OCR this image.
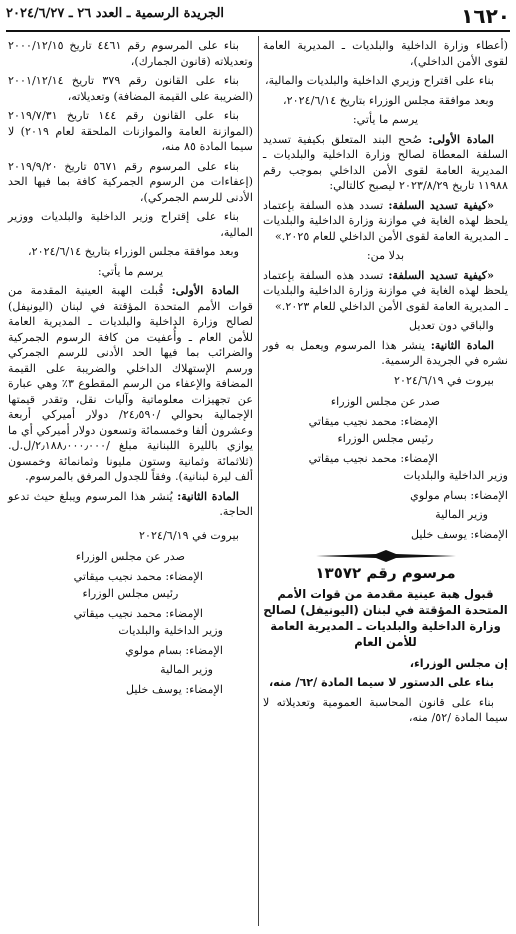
١٦٢٠
الجريدة الرسمية ـ العدد ٢٦ ـ ٢٠٢٤/٦/٢٧

(أعطاء وزارة الداخلية والبلديات ـ المديرية العامة لقوى الأمن الداخلي)،

بناء على اقتراح وزيري الداخلية والبلديات والمالية،

وبعد موافقة مجلس الوزراء بتاريخ ٢٠٢٤/٦/١٤،

يرسم ما يأتي:

المادة الأولى: صُحح البند المتعلق بكيفية تسديد السلفة المعطاة لصالح وزارة الداخلية والبلديات ـ المديرية العامة لقوى الأمن الداخلي بموجب رقم ١١٩٨٨ تاريخ ٢٠٢٣/٨/٢٩ ليصبح كالتالي:

«كيفية تسديد السلفة: تسدد هذه السلفة بإعتماد يلحظ لهذه الغاية في موازنة وزارة الداخلية والبلديات ـ المديرية العامة لقوى الأمن الداخلي للعام ٢٠٢٥.»

بدلا من:

«كيفية تسديد السلفة: تسدد هذه السلفة بإعتماد يلحظ لهذه الغاية في موازنة وزارة الداخلية والبلديات ـ المديرية العامة لقوى الأمن الداخلي للعام ٢٠٢٣.»

والباقي دون تعديل

المادة الثانية: ينشر هذا المرسوم ويعمل به فور نشره في الجريدة الرسمية.

بيروت في ٢٠٢٤/٦/١٩

صدر عن مجلس الوزراء

الإمضاء: محمد نجيب ميقاتي

رئيس مجلس الوزراء

الإمضاء: محمد نجيب ميقاتي

وزير الداخلية والبلديات

الإمضاء: بسام مولوي

وزير المالية

الإمضاء: يوسف خليل

مرسوم رقم ١٣٥٧٢
قبول هبة عينية مقدمة من قوات الأمم المتحدة المؤقتة في لبنان (اليونيفل) لصالح وزارة الداخلية والبلديات ـ المديرية العامة للأمن العام

إن مجلس الوزراء،

بناء على الدستور لا سيما المادة /٦٢/ منه،

بناء على قانون المحاسبة العمومية وتعديلاته لا سيما المادة /٥٢/ منه،

بناء على المرسوم رقم ٤٤٦١ تاريخ ٢٠٠٠/١٢/١٥ وتعديلاته (قانون الجمارك)،

بناء على القانون رقم ٣٧٩ تاريخ ٢٠٠١/١٢/١٤ (الضريبة على القيمة المضافة) وتعديلاته،

بناء على القانون رقم ١٤٤ تاريخ ٢٠١٩/٧/٣١ (الموازنة العامة والموازنات الملحقة لعام ٢٠١٩) لا سيما المادة ٨٥ منه،

بناء على المرسوم رقم ٥٦٧١ تاريخ ٢٠١٩/٩/٢٠ (إعفاءات من الرسوم الجمركية كافة بما فيها الحد الأدنى للرسم الجمركي)،

بناء على إقتراح وزير الداخلية والبلديات ووزير المالية،

وبعد موافقة مجلس الوزراء بتاريخ ٢٠٢٤/٦/١٤،

يرسم ما يأتي:

المادة الأولى: قُبلت الهبة العينية المقدمة من قوات الأمم المتحدة المؤقتة في لبنان (اليونيفل) لصالح وزارة الداخلية والبلديات ـ المديرية العامة للأمن العام ـ وأُعفيت من كافة الرسوم الجمركية والضرائب بما فيها الحد الأدنى للرسم الجمركي ورسم الإستهلاك الداخلي والضريبة على القيمة المضافة والإعفاء من الرسم المقطوع ٣٪ وهي عبارة عن تجهيزات معلوماتية وآليات نقل، وتقدر قيمتها الإجمالية بحوالي /٢٤٫٥٩٠/ دولار أميركي أربعة وعشرون ألفا وخمسمائة وتسعون دولار أميركي أي ما يوازي بالليرة اللبنانية مبلغ /٢٫١٨٨٫٠٠٠٫٠٠٠/ل.ل. (ثلاثمائة وثمانية وستون مليونا وثمانمائة وخمسون ألف ليرة لبنانية). وفقاً للجدول المرفق بالمرسوم.

المادة الثانية: يُنشر هذا المرسوم ويبلغ حيث تدعو الحاجة.

بيروت في ٢٠٢٤/٦/١٩

صدر عن مجلس الوزراء

الإمضاء: محمد نجيب ميقاتي

رئيس مجلس الوزراء

الإمضاء: محمد نجيب ميقاتي

وزير الداخلية والبلديات

الإمضاء: بسام مولوي

وزير المالية

الإمضاء: يوسف خليل
